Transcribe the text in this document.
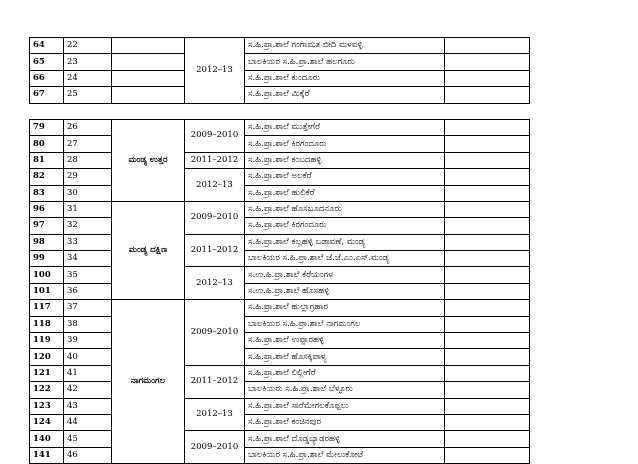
64	22		2012–13	ಸ.ಹಿ.ಪ್ರಾ.ಶಾಲೆ ಗಂಗಾಮತ ಬೀದಿ ಮಳವಳ್ಳಿ	
65	23			ಬಾಲಕಿಯರ ಸ.ಹಿ.ಪ್ರಾ.ಶಾಲೆ ಹಲಗೂರು	
66	24			ಸ.ಹಿ.ಪ್ರಾ.ಶಾಲೆ ಕುಂದೂರು	
67	25			ಸ.ಹಿ.ಪ್ರಾ.ಶಾಲೆ ಮಿಕ್ಕೆರೆ	

79	26	ಮಂಡ್ಯ ಉತ್ತರ	2009–2010	ಸ.ಹಿ.ಪ್ರಾ.ಶಾಲೆ ಮುತ್ತೇಗೆರೆ	
80	27			ಸ.ಹಿ.ಪ್ರಾ.ಶಾಲೆ ಕಿರಗಂದೂರು	
81	28		2011–2012	ಸ.ಹಿ.ಪ್ರಾ.ಶಾಲೆ ಕಂಬದಹಳ್ಳಿ	
82	29		2012–13	ಸ.ಹಿ.ಪ್ರಾ.ಶಾಲೆ ಅಲಕೆರೆ	
83	30			ಸ.ಹಿ.ಪ್ರಾ.ಶಾಲೆ ಹುಲಿಕೆರೆ	
96	31	ಮಂಡ್ಯ ದಕ್ಷಿಣ	2009–2010	ಸ.ಹಿ.ಪ್ರಾ.ಶಾಲೆ ಹೊಸಬೂದನೂರು	
97	32			ಸ.ಹಿ.ಪ್ರಾ.ಶಾಲೆ ಕಿರಗಂದೂರು	
98	33		2011–2012	ಸ.ಹಿ.ಪ್ರಾ.ಶಾಲೆ ಕಲ್ಲಹಳ್ಳಿ ಬಡಾವಣೆ, ಮಂಡ್ಯ	
99	34			ಬಾಲಕಿಯರ ಸ.ಹಿ.ಪ್ರಾ.ಶಾಲೆ ಜೆ.ಜೆ.ಎಂ.ಎಸ್.ಮಂಡ್ಯ	
100	35		2012–13	ಸ.ಉ.ಹಿ.ಪ್ರಾ.ಶಾಲೆ ಕೆರೆಯಂಗಳ	
101	36			ಸ.ಉ.ಹಿ.ಪ್ರಾ.ಶಾಲೆ ಹೊಸಹಳ್ಳಿ	
117	37	ನಾಗಮಂಗಲ	2009–2010	ಸ.ಹಿ.ಪ್ರಾ.ಶಾಲೆ ಹುಲ್ಲಾಗ್ರಹಾರ	
118	38			ಬಾಲಕಿಯರ ಸ.ಹಿ.ಪ್ರಾ.ಶಾಲೆ ನಾಗಮಂಗಲ	
119	39			ಸ.ಹಿ.ಪ್ರಾ.ಶಾಲೆ ಉಪ್ಪಾರಹಳ್ಳಿ	
120	40			ಸ.ಹಿ.ಪ್ರಾ.ಶಾಲೆ ಹೊಸಕ್ಕಿಪಾಳ್ಯ	
121	41		2011–2012	ಸ.ಹಿ.ಪ್ರಾ.ಶಾಲೆ ಲಿಲ್ಲೀಗೆರೆ	
122	42			ಬಾಲಕಿಯರು ಸ.ಹಿ.ಪ್ರಾ.ಶಾಲೆ ಬೆಳ್ಳೂರು	
123	43		2012–13	ಸ.ಹಿ.ಪ್ರಾ.ಶಾಲೆ ಸಾರೆಮೇಗಲಕೊಪ್ಪಲು	
124	44			ಸ.ಹಿ.ಪ್ರಾ.ಶಾಲೆ ಕಂಚಿನಪುರ	
140	45		2009–2010	ಸ.ಹಿ.ಪ್ರಾ.ಶಾಲೆ ದೊಡ್ಡಬ್ಯಾಡರಹಳ್ಳಿ	
141	46			ಬಾಲಕಿಯರ ಸ.ಹಿ.ಪ್ರಾ.ಶಾಲೆ ಮೇಲುಕೋಟೆ	
